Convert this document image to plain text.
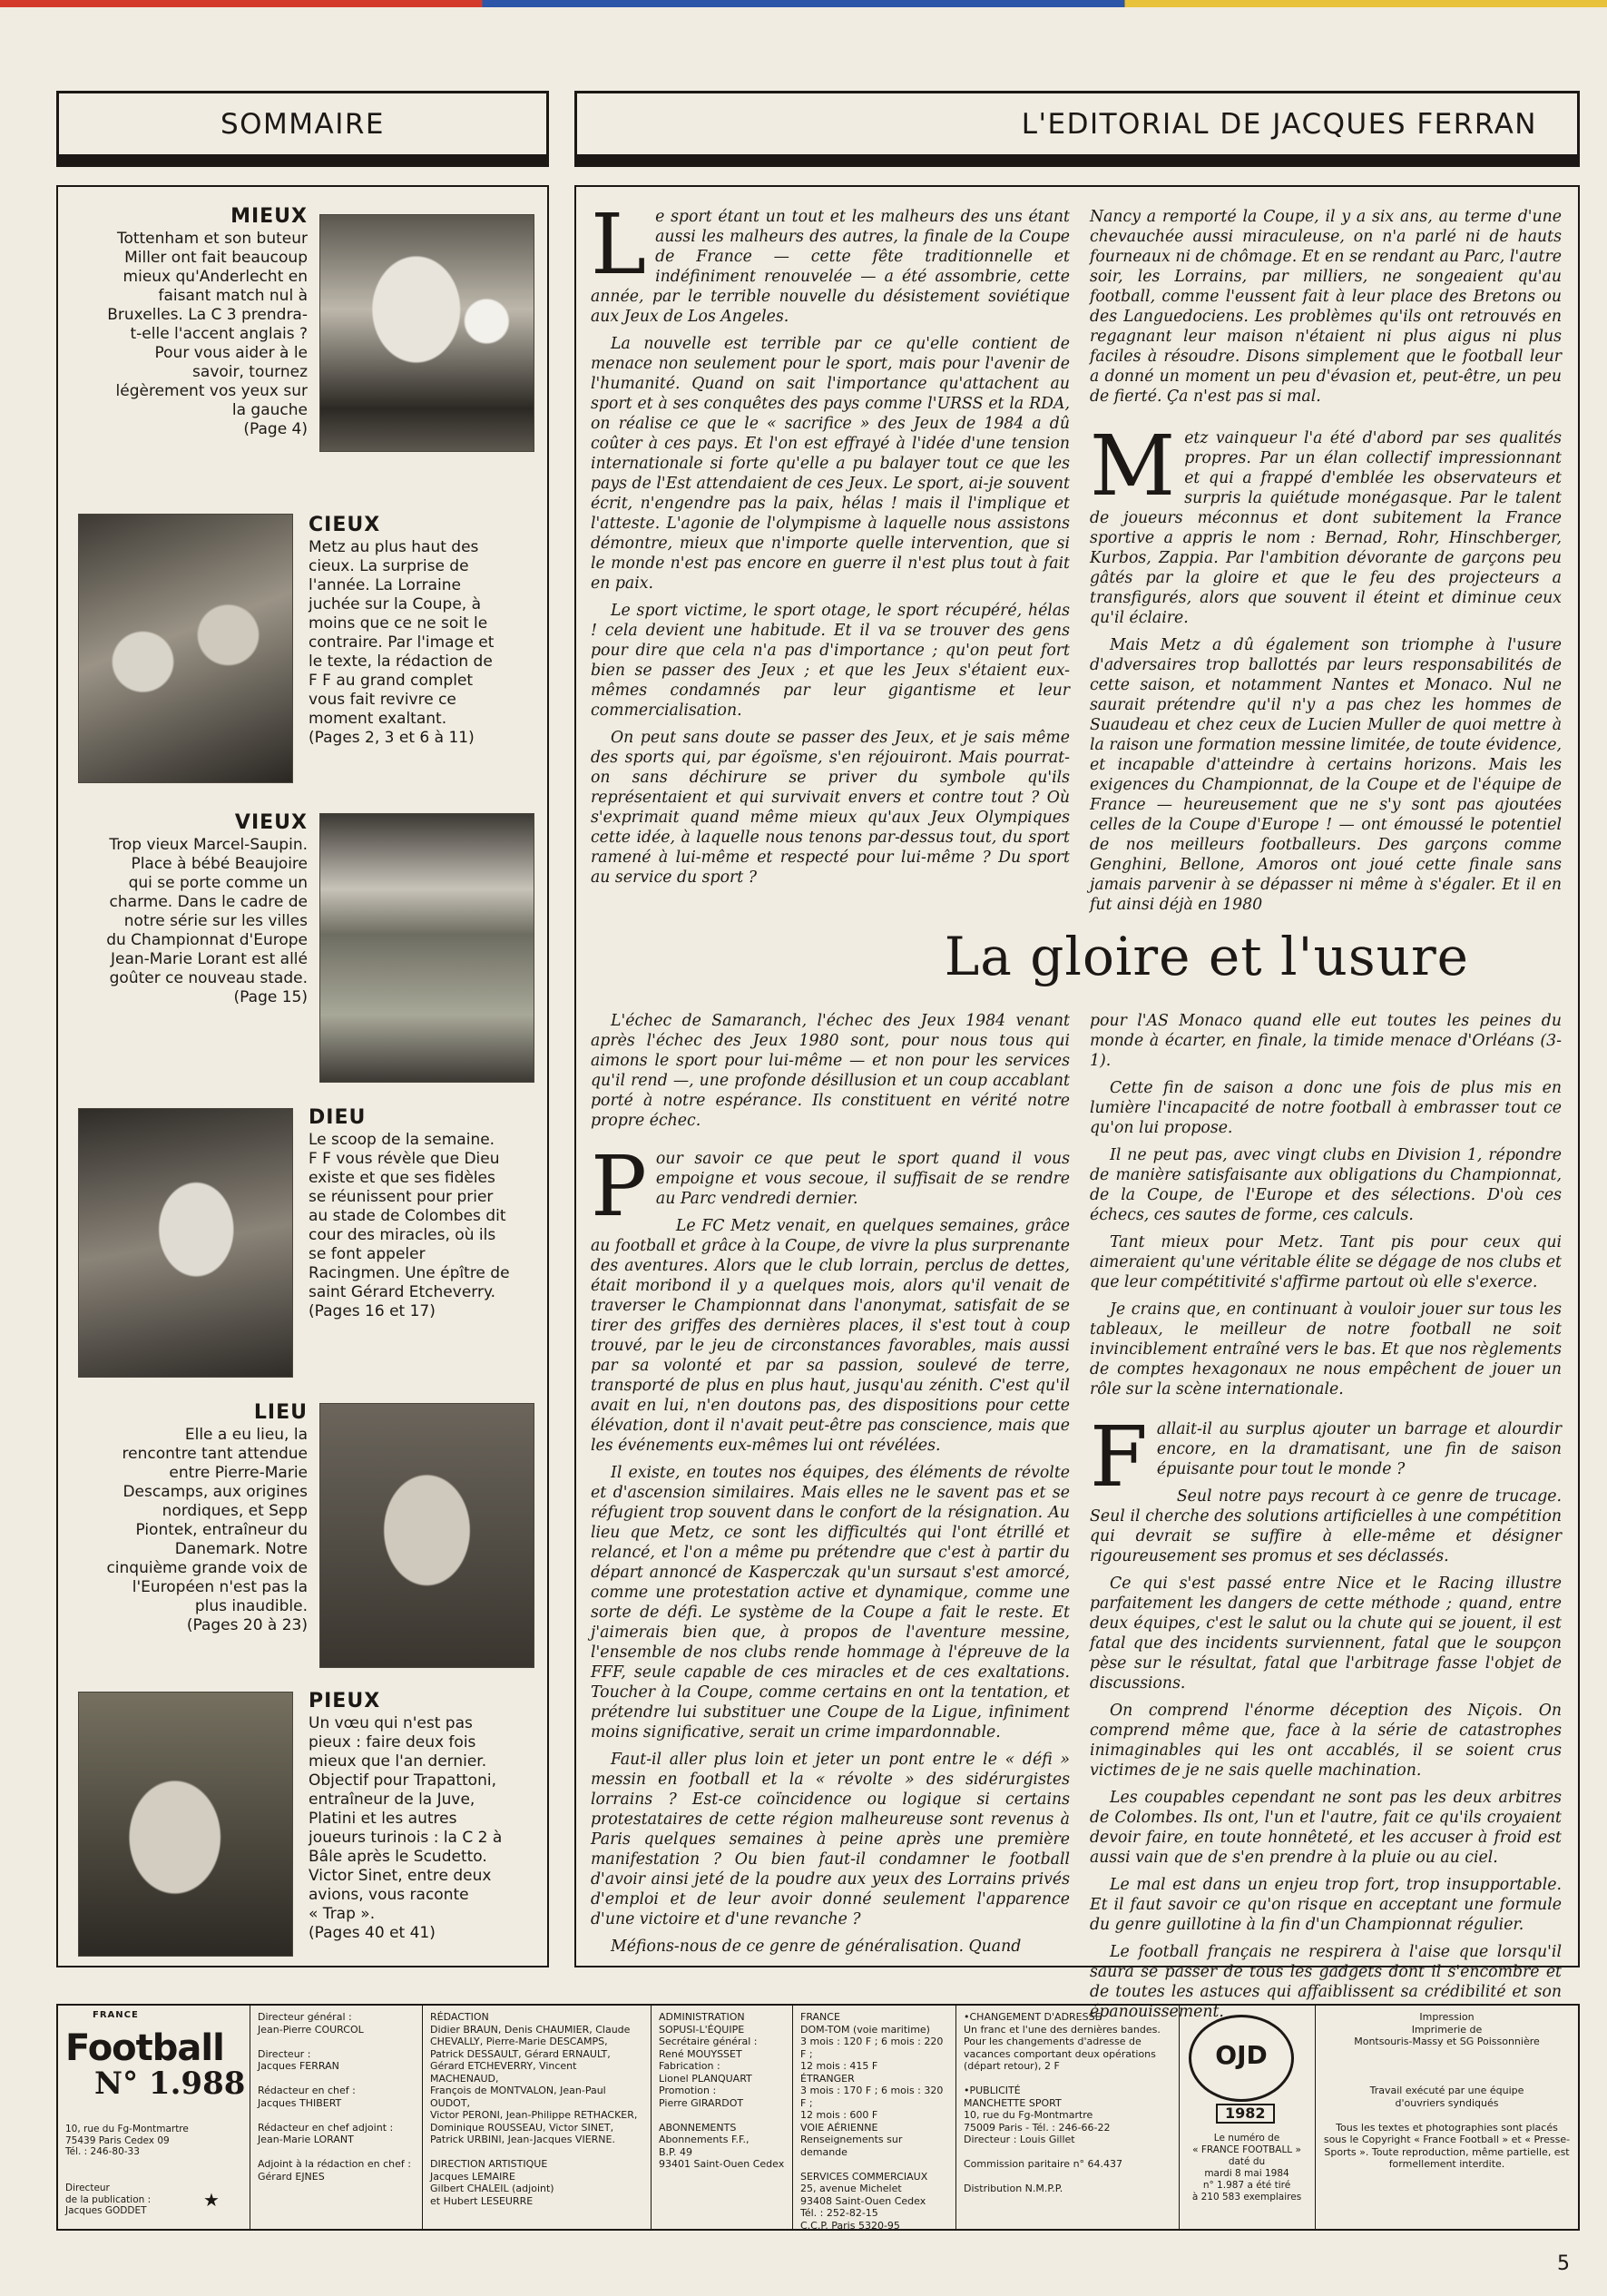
SOMMAIRE	L'EDITORIAL DE JACQUES FERRAN
MIEUX
Tottenham et son buteur
Miller ont fait beaucoup
mieux qu'Anderlecht en
faisant match nul à
Bruxelles. La C 3 prendra-
t-elle l'accent anglais ?
Pour vous aider à le
savoir, tournez
légèrement vos yeux sur
la gauche
(Page 4)
CIEUX
Metz au plus haut des
cieux. La surprise de
l'année. La Lorraine
juchée sur la Coupe, à
moins que ce ne soit le
contraire. Par l'image et
le texte, la rédaction de
F F au grand complet
vous fait revivre ce
moment exaltant.
(Pages 2, 3 et 6 à 11)
VIEUX
Trop vieux Marcel-Saupin.
Place à bébé Beaujoire
qui se porte comme un
charme. Dans le cadre de
notre série sur les villes
du Championnat d'Europe
Jean-Marie Lorant est allé
goûter ce nouveau stade.
(Page 15)
DIEU
Le scoop de la semaine.
F F vous révèle que Dieu
existe et que ses fidèles
se réunissent pour prier
au stade de Colombes dit
cour des miracles, où ils
se font appeler
Racingmen. Une épître de
saint Gérard Etcheverry.
(Pages 16 et 17)
LIEU
Elle a eu lieu, la
rencontre tant attendue
entre Pierre-Marie
Descamps, aux origines
nordiques, et Sepp
Piontek, entraîneur du
Danemark. Notre
cinquième grande voix de
l'Européen n'est pas la
plus inaudible.
(Pages 20 à 23)
PIEUX
Un vœu qui n'est pas
pieux : faire deux fois
mieux que l'an dernier.
Objectif pour Trapattoni,
entraîneur de la Juve,
Platini et les autres
joueurs turinois : la C 2 à
Bâle après le Scudetto.
Victor Sinet, entre deux
avions, vous raconte
« Trap ».
(Pages 40 et 41)

Le sport étant un tout et les malheurs des uns étant aussi les malheurs des autres, la finale de la Coupe de France — cette fête traditionnelle et indéfiniment renouvelée — a été assombrie, cette année, par le terrible nouvelle du désistement soviétique aux Jeux de Los Angeles.

La nouvelle est terrible par ce qu'elle contient de menace non seulement pour le sport, mais pour l'avenir de l'humanité. Quand on sait l'importance qu'attachent au sport et à ses conquêtes des pays comme l'URSS et la RDA, on réalise ce que le « sacrifice » des Jeux de 1984 a dû coûter à ces pays. Et l'on est effrayé à l'idée d'une tension internationale si forte qu'elle a pu balayer tout ce que les pays de l'Est attendaient de ces Jeux. Le sport, ai-je souvent écrit, n'engendre pas la paix, hélas ! mais il l'implique et l'atteste. L'agonie de l'olympisme à laquelle nous assistons démontre, mieux que n'importe quelle intervention, que si le monde n'est pas encore en guerre il n'est plus tout à fait en paix.

Le sport victime, le sport otage, le sport récupéré, hélas ! cela devient une habitude. Et il va se trouver des gens pour dire que cela n'a pas d'importance ; qu'on peut fort bien se passer des Jeux ; et que les Jeux s'étaient eux-mêmes condamnés par leur gigantisme et leur commercialisation.

On peut sans doute se passer des Jeux, et je sais même des sports qui, par égoïsme, s'en réjouiront. Mais pourrat-on sans déchirure se priver du symbole qu'ils représentaient et qui survivait envers et contre tout ? Où s'exprimait quand même mieux qu'aux Jeux Olympiques cette idée, à laquelle nous tenons par-dessus tout, du sport ramené à lui-même et respecté pour lui-même ? Du sport au service du sport ?

Nancy a remporté la Coupe, il y a six ans, au terme d'une chevauchée aussi miraculeuse, on n'a parlé ni de hauts fourneaux ni de chômage. Et en se rendant au Parc, l'autre soir, les Lorrains, par milliers, ne songeaient qu'au football, comme l'eussent fait à leur place des Bretons ou des Languedociens. Les problèmes qu'ils ont retrouvés en regagnant leur maison n'étaient ni plus aigus ni plus faciles à résoudre. Disons simplement que le football leur a donné un moment un peu d'évasion et, peut-être, un peu de fierté. Ça n'est pas si mal.

Metz vainqueur l'a été d'abord par ses qualités propres. Par un élan collectif impressionnant et qui a frappé d'emblée les observateurs et surpris la quiétude monégasque. Par le talent de joueurs méconnus et dont subitement la France sportive a appris le nom : Bernad, Rohr, Hinschberger, Kurbos, Zappia. Par l'ambition dévorante de garçons peu gâtés par la gloire et que le feu des projecteurs a transfigurés, alors que souvent il éteint et diminue ceux qu'il éclaire.

Mais Metz a dû également son triomphe à l'usure d'adversaires trop ballottés par leurs responsabilités de cette saison, et notamment Nantes et Monaco. Nul ne saurait prétendre qu'il n'y a pas chez les hommes de Suaudeau et chez ceux de Lucien Muller de quoi mettre à la raison une formation messine limitée, de toute évidence, et incapable d'atteindre à certains horizons. Mais les exigences du Championnat, de la Coupe et de l'équipe de France — heureusement que ne s'y sont pas ajoutées celles de la Coupe d'Europe ! — ont émoussé le potentiel de nos meilleurs footballeurs. Des garçons comme Genghini, Bellone, Amoros ont joué cette finale sans jamais parvenir à se dépasser ni même à s'égaler. Et il en fut ainsi déjà en 1980

La gloire et l'usure

L'échec de Samaranch, l'échec des Jeux 1984 venant après l'échec des Jeux 1980 sont, pour nous tous qui aimons le sport pour lui-même — et non pour les services qu'il rend —, une profonde désillusion et un coup accablant porté à notre espérance. Ils constituent en vérité notre propre échec.

Pour savoir ce que peut le sport quand il vous empoigne et vous secoue, il suffisait de se rendre au Parc vendredi dernier.

Le FC Metz venait, en quelques semaines, grâce au football et grâce à la Coupe, de vivre la plus surprenante des aventures. Alors que le club lorrain, perclus de dettes, était moribond il y a quelques mois, alors qu'il venait de traverser le Championnat dans l'anonymat, satisfait de se tirer des griffes des dernières places, il s'est tout à coup trouvé, par le jeu de circonstances favorables, mais aussi par sa volonté et par sa passion, soulevé de terre, transporté de plus en plus haut, jusqu'au zénith. C'est qu'il avait en lui, n'en doutons pas, des dispositions pour cette élévation, dont il n'avait peut-être pas conscience, mais que les événements eux-mêmes lui ont révélées.

Il existe, en toutes nos équipes, des éléments de révolte et d'ascension similaires. Mais elles ne le savent pas et se réfugient trop souvent dans le confort de la résignation. Au lieu que Metz, ce sont les difficultés qui l'ont étrillé et relancé, et l'on a même pu prétendre que c'est à partir du départ annoncé de Kasperczak qu'un sursaut s'est amorcé, comme une protestation active et dynamique, comme une sorte de défi. Le système de la Coupe a fait le reste. Et j'aimerais bien que, à propos de l'aventure messine, l'ensemble de nos clubs rende hommage à l'épreuve de la FFF, seule capable de ces miracles et de ces exaltations. Toucher à la Coupe, comme certains en ont la tentation, et prétendre lui substituer une Coupe de la Ligue, infiniment moins significative, serait un crime impardonnable.

Faut-il aller plus loin et jeter un pont entre le « défi » messin en football et la « révolte » des sidérurgistes lorrains ? Est-ce coïncidence ou logique si certains protestataires de cette région malheureuse sont revenus à Paris quelques semaines à peine après une première manifestation ? Ou bien faut-il condamner le football d'avoir ainsi jeté de la poudre aux yeux des Lorrains privés d'emploi et de leur avoir donné seulement l'apparence d'une victoire et d'une revanche ?

Méfions-nous de ce genre de généralisation. Quand

pour l'AS Monaco quand elle eut toutes les peines du monde à écarter, en finale, la timide menace d'Orléans (3-1).

Cette fin de saison a donc une fois de plus mis en lumière l'incapacité de notre football à embrasser tout ce qu'on lui propose.

Il ne peut pas, avec vingt clubs en Division 1, répondre de manière satisfaisante aux obligations du Championnat, de la Coupe, de l'Europe et des sélections. D'où ces échecs, ces sautes de forme, ces calculs.

Tant mieux pour Metz. Tant pis pour ceux qui aimeraient qu'une véritable élite se dégage de nos clubs et que leur compétitivité s'affirme partout où elle s'exerce.

Je crains que, en continuant à vouloir jouer sur tous les tableaux, le meilleur de notre football ne soit invinciblement entraîné vers le bas. Et que nos règlements de comptes hexagonaux ne nous empêchent de jouer un rôle sur la scène internationale.

Fallait-il au surplus ajouter un barrage et alourdir encore, en la dramatisant, une fin de saison épuisante pour tout le monde ?

Seul notre pays recourt à ce genre de trucage. Seul il cherche des solutions artificielles à une compétition qui devrait se suffire à elle-même et désigner rigoureusement ses promus et ses déclassés.

Ce qui s'est passé entre Nice et le Racing illustre parfaitement les dangers de cette méthode ; quand, entre deux équipes, c'est le salut ou la chute qui se jouent, il est fatal que des incidents surviennent, fatal que le soupçon pèse sur le résultat, fatal que l'arbitrage fasse l'objet de discussions.

On comprend l'énorme déception des Niçois. On comprend même que, face à la série de catastrophes inimaginables qui les ont accablés, il se soient crus victimes de je ne sais quelle machination.

Les coupables cependant ne sont pas les deux arbitres de Colombes. Ils ont, l'un et l'autre, fait ce qu'ils croyaient devoir faire, en toute honnêteté, et les accuser à froid est aussi vain que de s'en prendre à la pluie ou au ciel.

Le mal est dans un enjeu trop fort, trop insupportable. Et il faut savoir ce qu'on risque en acceptant une formule du genre guillotine à la fin d'un Championnat régulier.

Le football français ne respirera à l'aise que lorsqu'il saura se passer de tous les gadgets dont il s'encombre et de toutes les astuces qui affaiblissent sa crédibilité et son épanouissement.

FRANCE

Football

N° 1.988

10, rue du Fg-Montmartre
75439 Paris Cedex 09
Tél. : 246-80-33

Directeur
de la publication :
Jacques GODDET	★

Directeur général :
Jean-Pierre COURCOL

Directeur :
Jacques FERRAN

Rédacteur en chef :
Jacques THIBERT

Rédacteur en chef adjoint :
Jean-Marie LORANT

Adjoint à la rédaction en chef :
Gérard EJNES
RÉDACTION
Didier BRAUN, Denis CHAUMIER, Claude
CHEVALLY, Pierre-Marie DESCAMPS,
Patrick DESSAULT, Gérard ERNAULT,
Gérard ETCHEVERRY, Vincent MACHENAUD,
François de MONTVALON, Jean-Paul OUDOT,
Victor PERONI, Jean-Philippe RETHACKER,
Dominique ROUSSEAU, Victor SINET,
Patrick URBINI, Jean-Jacques VIERNE.

DIRECTION ARTISTIQUE
Jacques LEMAIRE
Gilbert CHALEIL (adjoint)
et Hubert LESEURRE
ADMINISTRATION
SOPUSI-L'ÉQUIPE
Secrétaire général :
René MOUYSSET
Fabrication :
Lionel PLANQUART
Promotion :
Pierre GIRARDOT

ABONNEMENTS
Abonnements F.F.,
B.P. 49
93401 Saint-Ouen Cedex
FRANCE
DOM-TOM (voie maritime)
3 mois : 120 F ; 6 mois : 220 F ;
12 mois : 415 F
ÉTRANGER
3 mois : 170 F ; 6 mois : 320 F ;
12 mois : 600 F
VOIE AÉRIENNE
Renseignements sur demande

SERVICES COMMERCIAUX
25, avenue Michelet
93408 Saint-Ouen Cedex
Tél. : 252-82-15
C.C.P. Paris 5320-95
•CHANGEMENT D'ADRESSE
Un franc et l'une des dernières bandes.
Pour les changements d'adresse de
vacances comportant deux opérations
(départ retour), 2 F

•PUBLICITÉ
MANCHETTE SPORT
10, rue du Fg-Montmartre
75009 Paris - Tél. : 246-66-22
Directeur : Louis Gillet

Commission paritaire n° 64.437

Distribution N.M.P.P.

OJD

1982

Le numéro de
« FRANCE FOOTBALL »
daté du
mardi 8 mai 1984
n° 1.987 a été tiré
à 210 583 exemplaires

Impression
Imprimerie de
Montsouris-Massy et SG Poissonnière

Travail exécuté par une équipe
d'ouvriers syndiqués

Tous les textes et photographies sont placés sous le Copyright « France Football » et « Presse-Sports ». Toute reproduction, même partielle, est formellement interdite.
5
